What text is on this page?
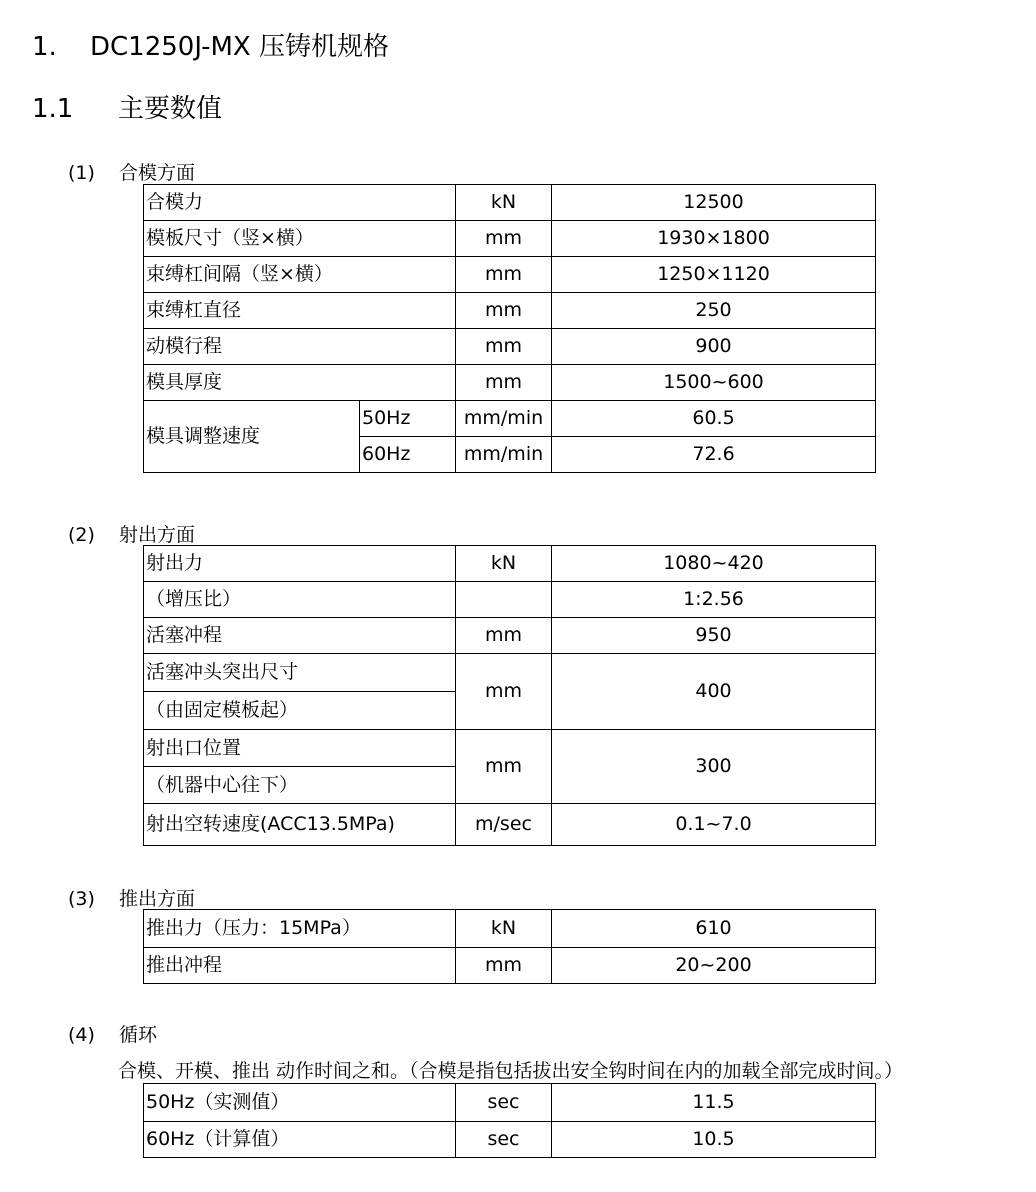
1. DC1250J-MX 压铸机规格
1.1 主要数值
(1) 合模方面
合模力		kN	12500
模板尺寸（竖×横）		mm	1930×1800
束缚杠间隔（竖×横）		mm	1250×1120
束缚杠直径		mm	250
动模行程		mm	900
模具厚度		mm	1500~600
模具调整速度	50Hz	mm/min	60.5
	60Hz	mm/min	72.6
(2) 射出方面
射出力	kN	1080~420
（增压比）		1:2.56
活塞冲程	mm	950
活塞冲头突出尺寸	mm	400
（由固定模板起）		
射出口位置	mm	300
（机器中心往下）		
射出空转速度(ACC13.5MPa)	m/sec	0.1~7.0
(3) 推出方面
推出力（压力：15MPa）	kN	610
推出冲程	mm	20~200
(4) 循环
合模、开模、推出 动作时间之和。（合模是指包括拔出安全钩时间在内的加载全部完成时间。）
50Hz（实测值）	sec	11.5
60Hz（计算值）	sec	10.5
